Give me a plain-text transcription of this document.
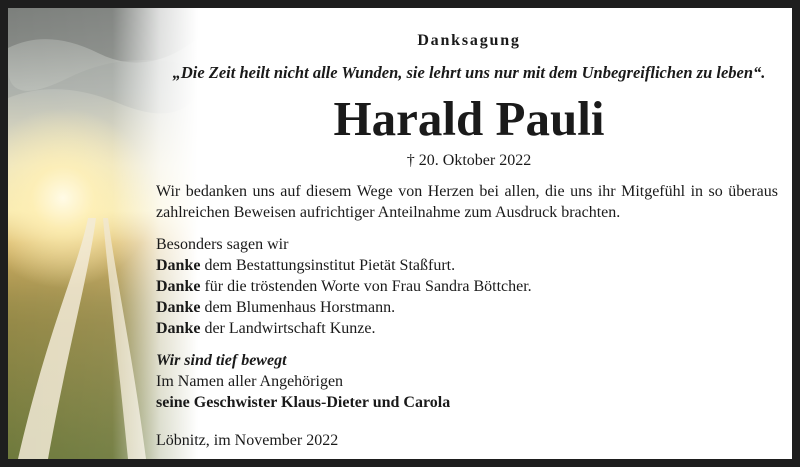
Danksagung
„Die Zeit heilt nicht alle Wunden, sie lehrt uns nur mit dem Unbegreiflichen zu leben“.
Harald Pauli
† 20. Oktober 2022
Wir bedanken uns auf diesem Wege von Herzen bei allen, die uns ihr Mitgefühl in so überaus zahlreichen Beweisen aufrichtiger Anteilnahme zum Ausdruck brachten.
Besonders sagen wir
Danke dem Bestattungsinstitut Pietät Staßfurt.
Danke für die tröstenden Worte von Frau Sandra Böttcher.
Danke dem Blumenhaus Horstmann.
Danke der Landwirtschaft Kunze.
Wir sind tief bewegt
Im Namen aller Angehörigen
seine Geschwister Klaus-Dieter und Carola
Löbnitz, im November 2022
